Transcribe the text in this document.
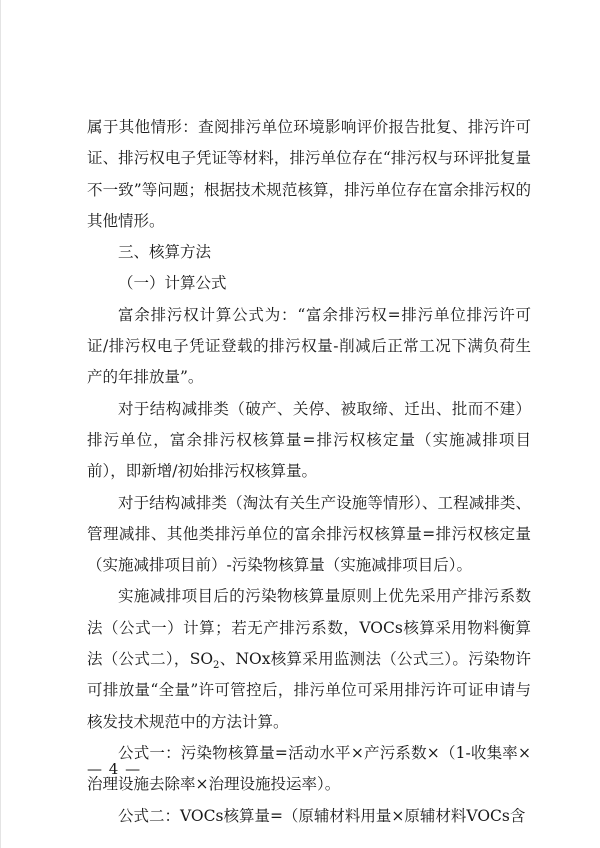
属于其他情形：查阅排污单位环境影响评价报告批复、排污许可证、排污权电子凭证等材料，排污单位存在“排污权与环评批复量不一致”等问题；根据技术规范核算，排污单位存在富余排污权的其他情形。

三、核算方法
（一）计算公式

富余排污权计算公式为：“富余排污权=排污单位排污许可证/排污权电子凭证登载的排污权量-削减后正常工况下满负荷生产的年排放量”。

对于结构减排类（破产、关停、被取缔、迁出、批而不建）排污单位，富余排污权核算量=排污权核定量（实施减排项目前），即新增/初始排污权核算量。

对于结构减排类（淘汰有关生产设施等情形）、工程减排类、管理减排、其他类排污单位的富余排污权核算量=排污权核定量（实施减排项目前）-污染物核算量（实施减排项目后）。

实施减排项目后的污染物核算量原则上优先采用产排污系数法（公式一）计算；若无产排污系数，VOCs核算采用物料衡算法（公式二），$SO_2$、NOx核算采用监测法（公式三）。污染物许可排放量“全量”许可管控后，排污单位可采用排污许可证申请与核发技术规范中的方法计算。

公式一：污染物核算量=活动水平×产污系数×（1-收集率×治理设施去除率×治理设施投运率）。

公式二：VOCs核算量=（原辅材料用量×原辅材料VOCs含

— 4 —
